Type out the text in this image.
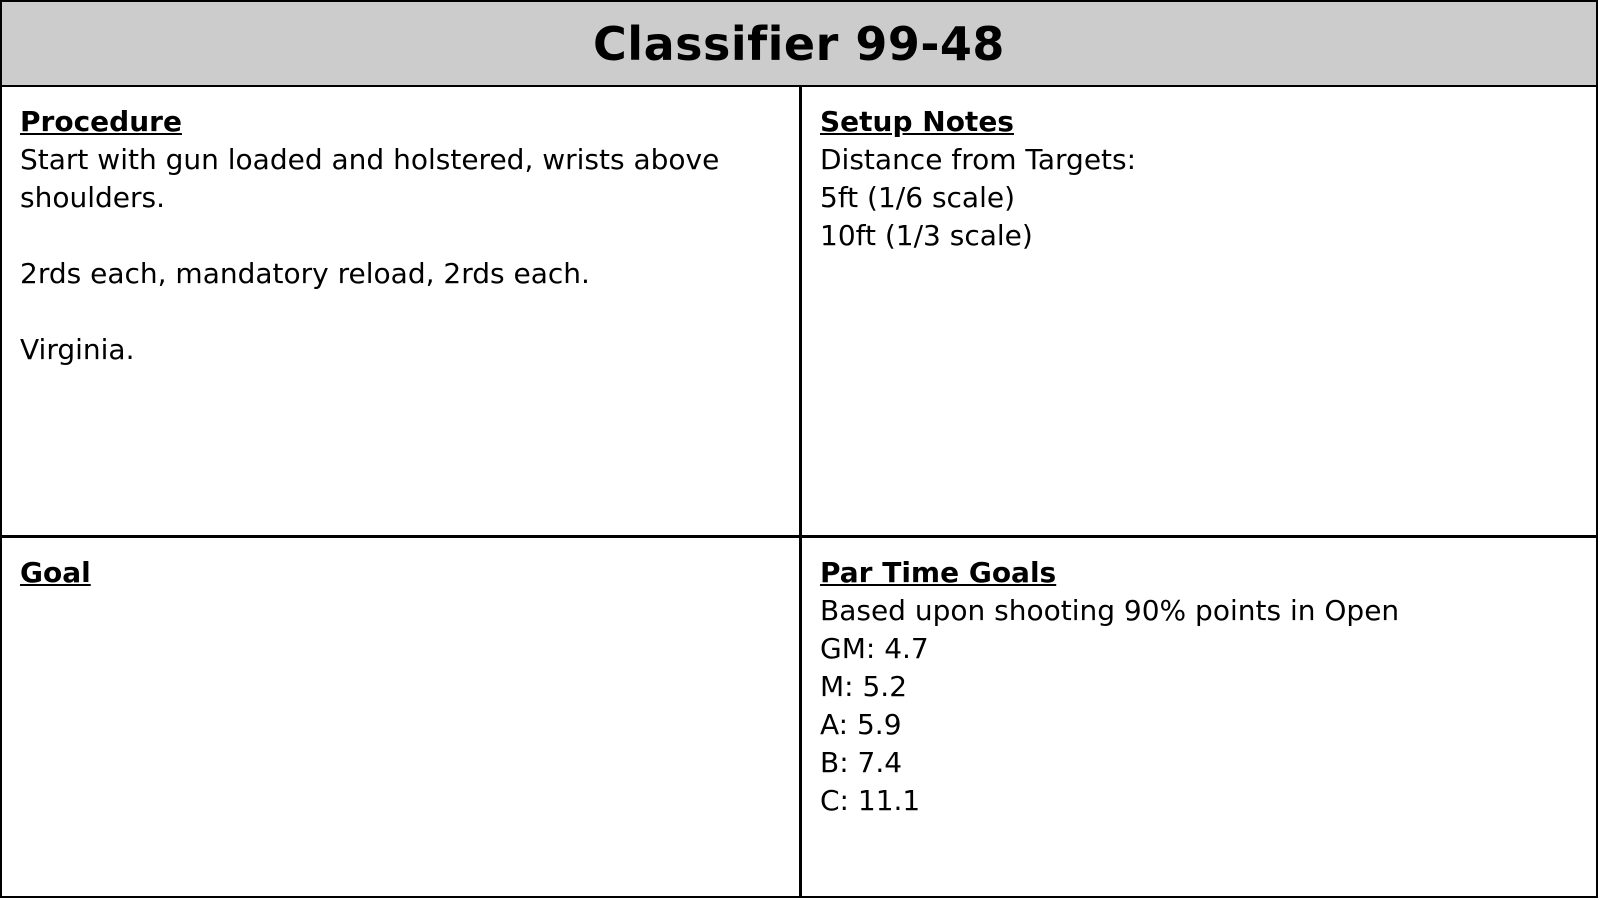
Classifier 99-48
Procedure
Start with gun loaded and holstered, wrists above shoulders.
2rds each, mandatory reload, 2rds each.
Virginia.
Setup Notes
Distance from Targets:
5ft (1/6 scale)
10ft (1/3 scale)
Goal	Par Time Goals
Based upon shooting 90% points in Open
GM: 4.7
M: 5.2
A: 5.9
B: 7.4
C: 11.1
